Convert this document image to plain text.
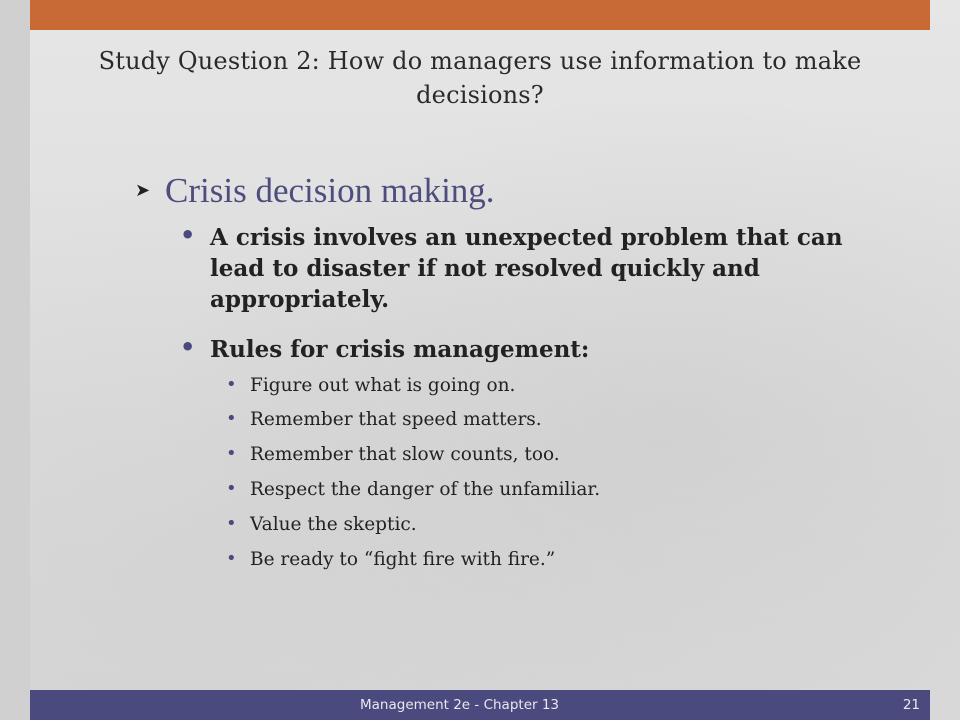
Study Question 2: How do managers use information to make decisions?
➤ Crisis decision making.
• A crisis involves an unexpected problem that can lead to disaster if not resolved quickly and appropriately.
• Rules for crisis management:
• Figure out what is going on.
• Remember that speed matters.
• Remember that slow counts, too.
• Respect the danger of the unfamiliar.
• Value the skeptic.
• Be ready to “fight fire with fire.”
Management 2e - Chapter 13	21
